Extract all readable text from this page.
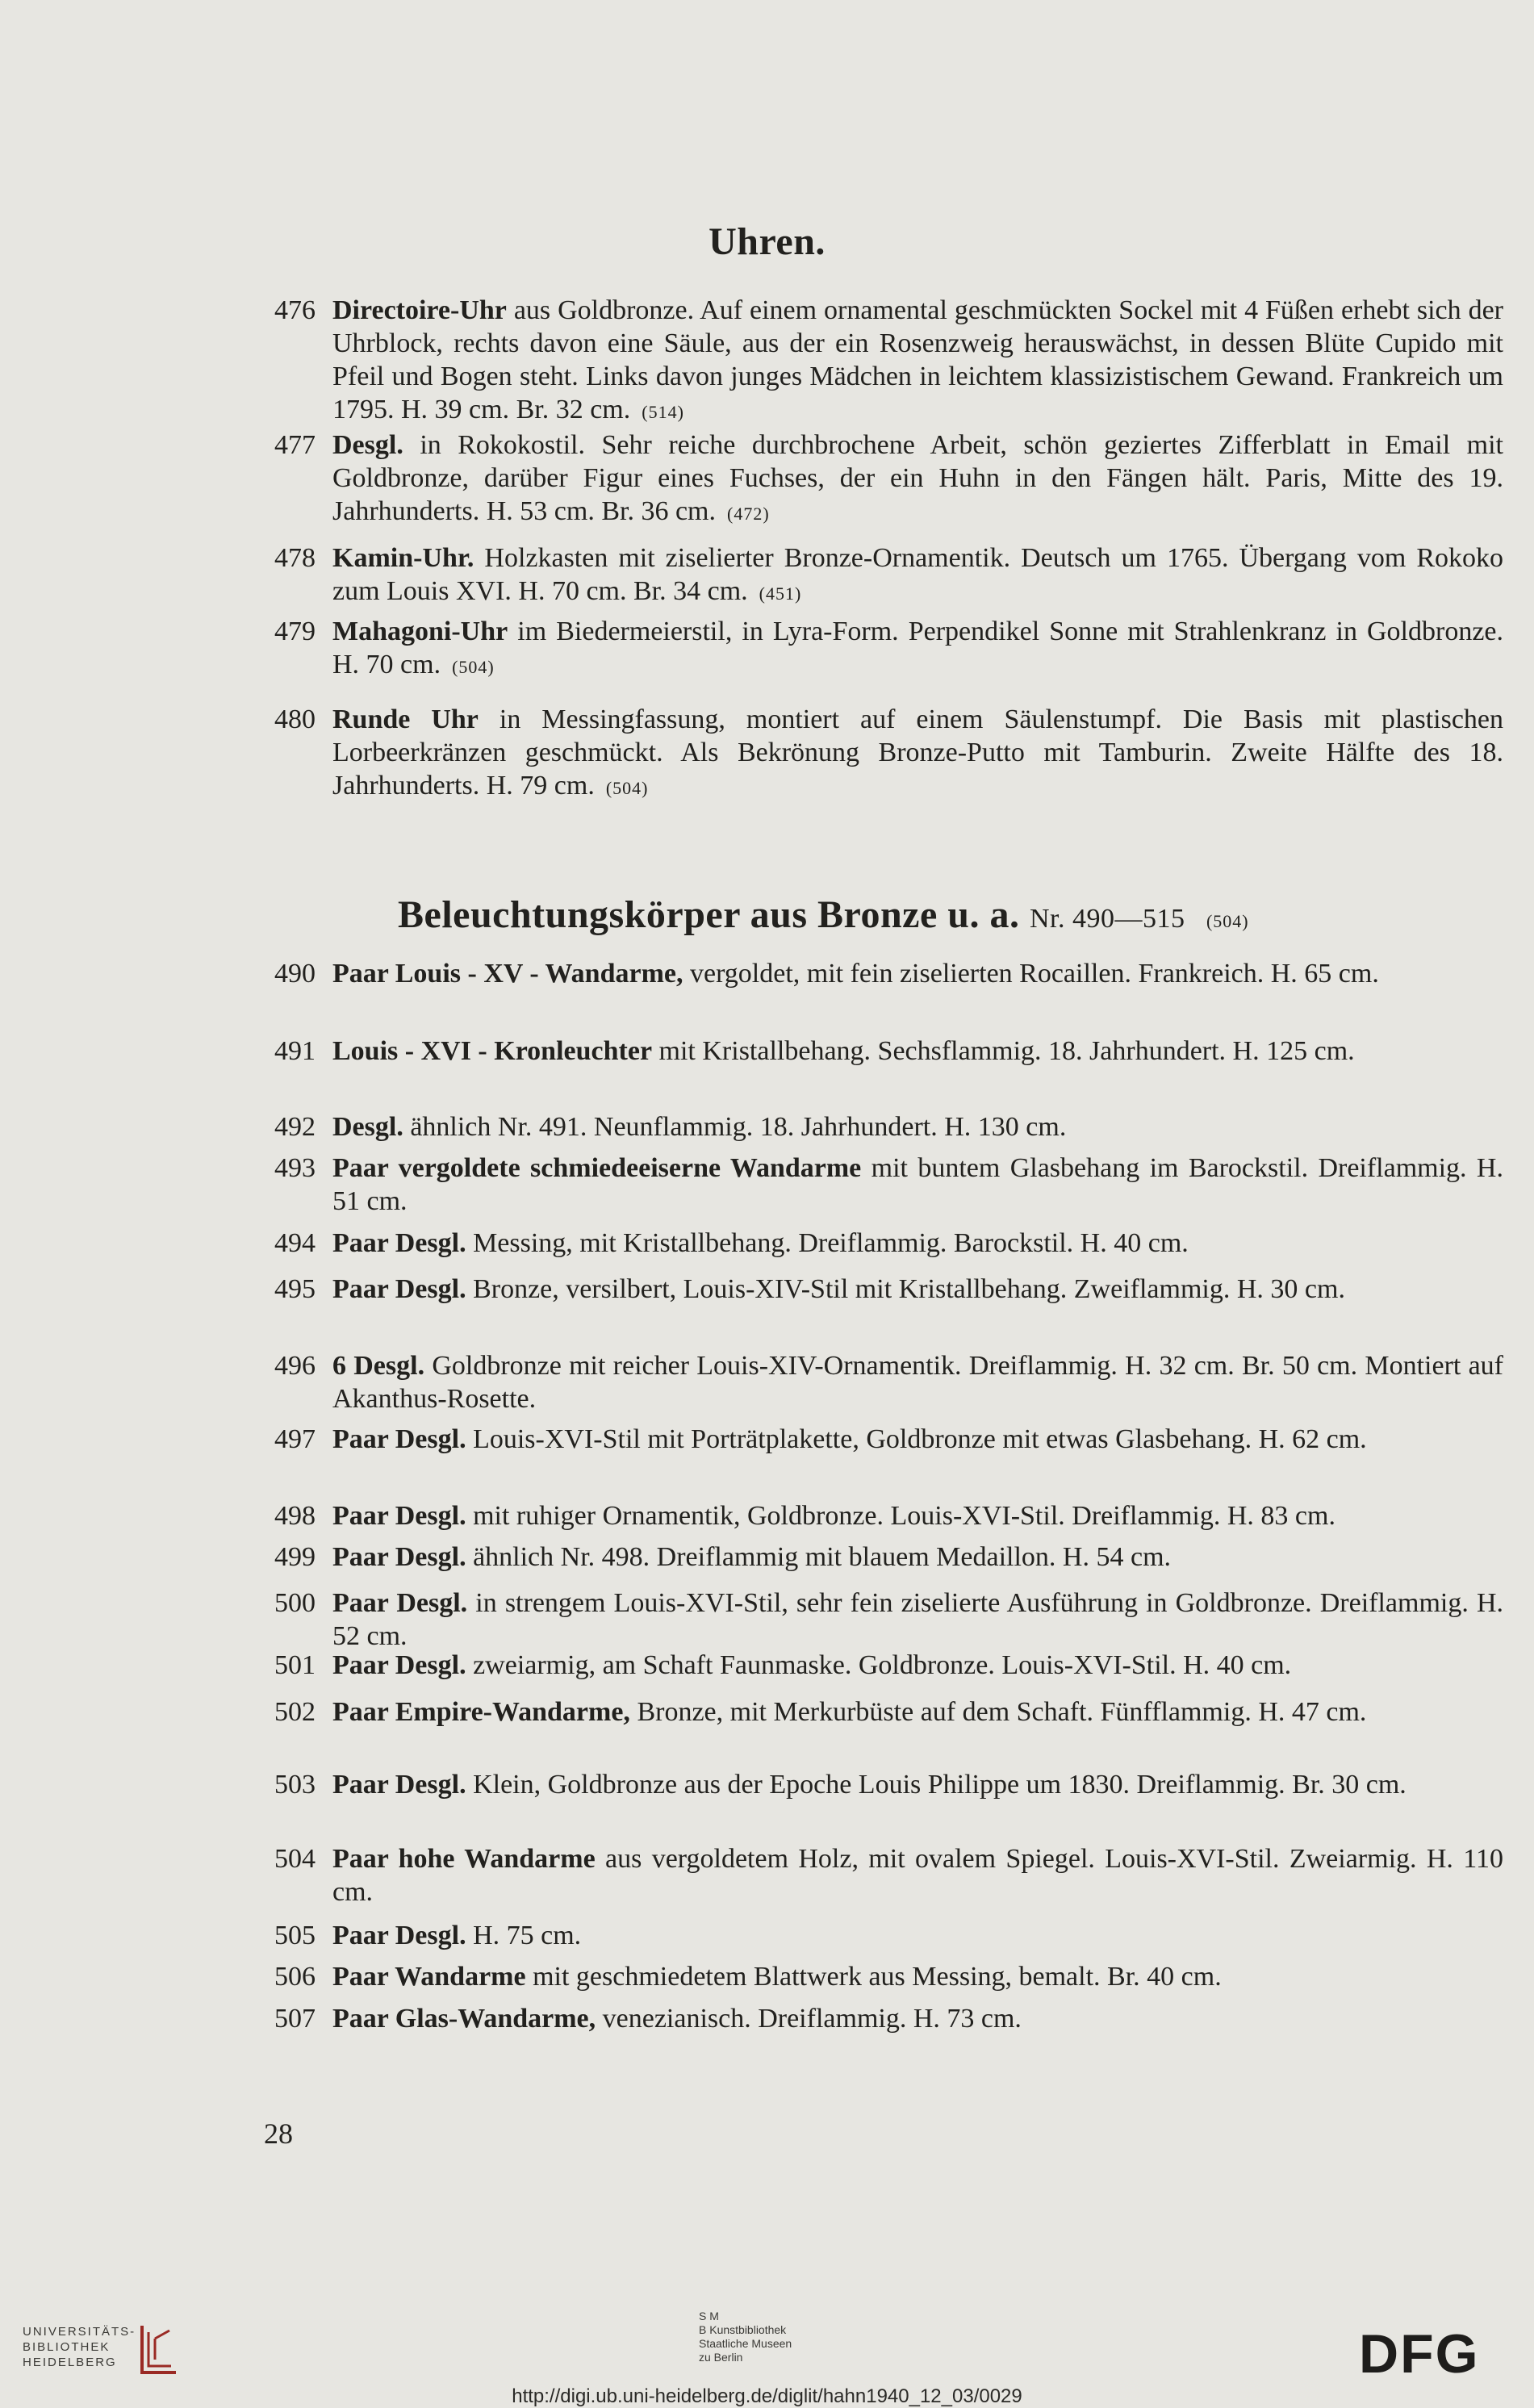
Uhren.
Beleuchtungskörper aus Bronze u. a. Nr. 490—515 (504)
476 Directoire-Uhr aus Goldbronze. Auf einem ornamental geschmückten Sockel mit 4 Füßen erhebt sich der Uhrblock, rechts davon eine Säule, aus der ein Rosenzweig herauswächst, in dessen Blüte Cupido mit Pfeil und Bogen steht. Links davon junges Mädchen in leichtem klassizistischem Gewand. Frankreich um 1795. H. 39 cm. Br. 32 cm. (514)
477 Desgl. in Rokokostil. Sehr reiche durchbrochene Arbeit, schön geziertes Zifferblatt in Email mit Goldbronze, darüber Figur eines Fuchses, der ein Huhn in den Fängen hält. Paris, Mitte des 19. Jahrhunderts. H. 53 cm. Br. 36 cm. (472)
478 Kamin-Uhr. Holzkasten mit ziselierter Bronze-Ornamentik. Deutsch um 1765. Übergang vom Rokoko zum Louis XVI. H. 70 cm. Br. 34 cm. (451)
479 Mahagoni-Uhr im Biedermeierstil, in Lyra-Form. Perpendikel Sonne mit Strahlenkranz in Goldbronze. H. 70 cm. (504)
480 Runde Uhr in Messingfassung, montiert auf einem Säulenstumpf. Die Basis mit plastischen Lorbeerkränzen geschmückt. Als Bekrönung Bronze-Putto mit Tamburin. Zweite Hälfte des 18. Jahrhunderts. H. 79 cm. (504)
490 Paar Louis - XV - Wandarme, vergoldet, mit fein ziselierten Rocaillen. Frankreich. H. 65 cm.
491 Louis - XVI - Kronleuchter mit Kristallbehang. Sechsflammig. 18. Jahrhundert. H. 125 cm.
492 Desgl. ähnlich Nr. 491. Neunflammig. 18. Jahrhundert. H. 130 cm.
493 Paar vergoldete schmiedeeiserne Wandarme mit buntem Glasbehang im Barockstil. Dreiflammig. H. 51 cm.
494 Paar Desgl. Messing, mit Kristallbehang. Dreiflammig. Barockstil. H. 40 cm.
495 Paar Desgl. Bronze, versilbert, Louis-XIV-Stil mit Kristallbehang. Zweiflammig. H. 30 cm.
496 6 Desgl. Goldbronze mit reicher Louis-XIV-Ornamentik. Dreiflammig. H. 32 cm. Br. 50 cm. Montiert auf Akanthus-Rosette.
497 Paar Desgl. Louis-XVI-Stil mit Porträtplakette, Goldbronze mit etwas Glasbehang. H. 62 cm.
498 Paar Desgl. mit ruhiger Ornamentik, Goldbronze. Louis-XVI-Stil. Dreiflammig. H. 83 cm.
499 Paar Desgl. ähnlich Nr. 498. Dreiflammig mit blauem Medaillon. H. 54 cm.
500 Paar Desgl. in strengem Louis-XVI-Stil, sehr fein ziselierte Ausführung in Goldbronze. Dreiflammig. H. 52 cm.
501 Paar Desgl. zweiarmig, am Schaft Faunmaske. Goldbronze. Louis-XVI-Stil. H. 40 cm.
502 Paar Empire-Wandarme, Bronze, mit Merkurbüste auf dem Schaft. Fünfflammig. H. 47 cm.
503 Paar Desgl. Klein, Goldbronze aus der Epoche Louis Philippe um 1830. Dreiflammig. Br. 30 cm.
504 Paar hohe Wandarme aus vergoldetem Holz, mit ovalem Spiegel. Louis-XVI-Stil. Zweiarmig. H. 110 cm.
505 Paar Desgl. H. 75 cm.
506 Paar Wandarme mit geschmiedetem Blattwerk aus Messing, bemalt. Br. 40 cm.
507 Paar Glas-Wandarme, venezianisch. Dreiflammig. H. 73 cm.
28
UNIVERSITÄTS-
BIBLIOTHEK
HEIDELBERG
S M
B Kunstbibliothek
Staatliche Museen
zu Berlin	DFG
http://digi.ub.uni-heidelberg.de/diglit/hahn1940_12_03/0029
